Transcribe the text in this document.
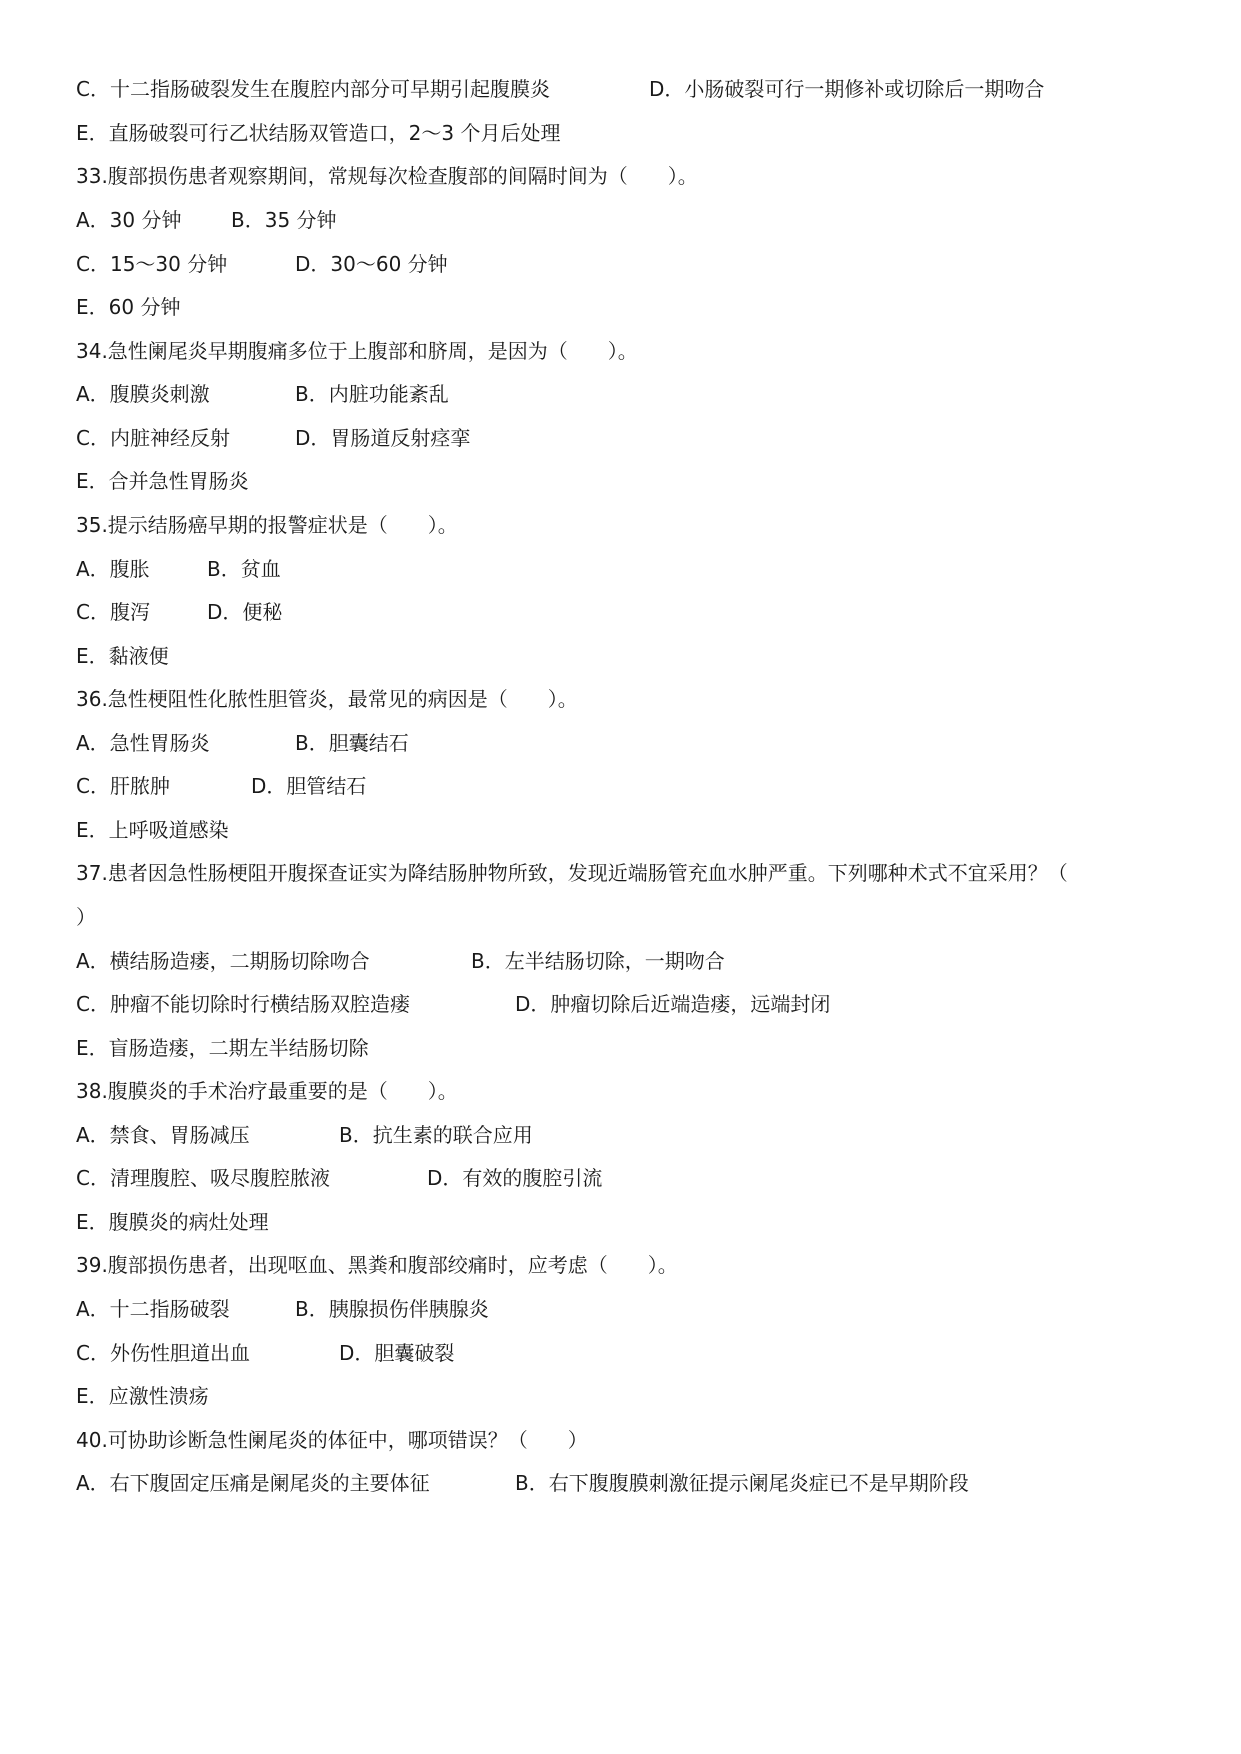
C．十二指肠破裂发生在腹腔内部分可早期引起腹膜炎	D．小肠破裂可行一期修补或切除后一期吻合
E．直肠破裂可行乙状结肠双管造口，2～3 个月后处理
33.腹部损伤患者观察期间，常规每次检查腹部的间隔时间为（　　）。
A．30 分钟 B．35 分钟
C．15～30 分钟	D．30～60 分钟
E．60 分钟
34.急性阑尾炎早期腹痛多位于上腹部和脐周，是因为（　　）。
A．腹膜炎刺激	B．内脏功能紊乱
C．内脏神经反射	D．胃肠道反射痉挛
E．合并急性胃肠炎
35.提示结肠癌早期的报警症状是（　　）。
A．腹胀	B．贫血
C．腹泻	D．便秘
E．黏液便
36.急性梗阻性化脓性胆管炎，最常见的病因是（　　）。
A．急性胃肠炎	B．胆囊结石
C．肝脓肿	D．胆管结石
E．上呼吸道感染
37.患者因急性肠梗阻开腹探查证实为降结肠肿物所致，发现近端肠管充血水肿严重。下列哪种术式不宜采用？（
）
A．横结肠造瘘，二期肠切除吻合	B．左半结肠切除，一期吻合
C．肿瘤不能切除时行横结肠双腔造瘘	D．肿瘤切除后近端造瘘，远端封闭
E．盲肠造瘘，二期左半结肠切除
38.腹膜炎的手术治疗最重要的是（　　）。
A．禁食、胃肠减压	B．抗生素的联合应用
C．清理腹腔、吸尽腹腔脓液	D．有效的腹腔引流
E．腹膜炎的病灶处理
39.腹部损伤患者，出现呕血、黑粪和腹部绞痛时，应考虑（　　）。
A．十二指肠破裂	B．胰腺损伤伴胰腺炎
C．外伤性胆道出血	D．胆囊破裂
E．应激性溃疡
40.可协助诊断急性阑尾炎的体征中，哪项错误？（　　）
A．右下腹固定压痛是阑尾炎的主要体征	B．右下腹腹膜刺激征提示阑尾炎症已不是早期阶段
